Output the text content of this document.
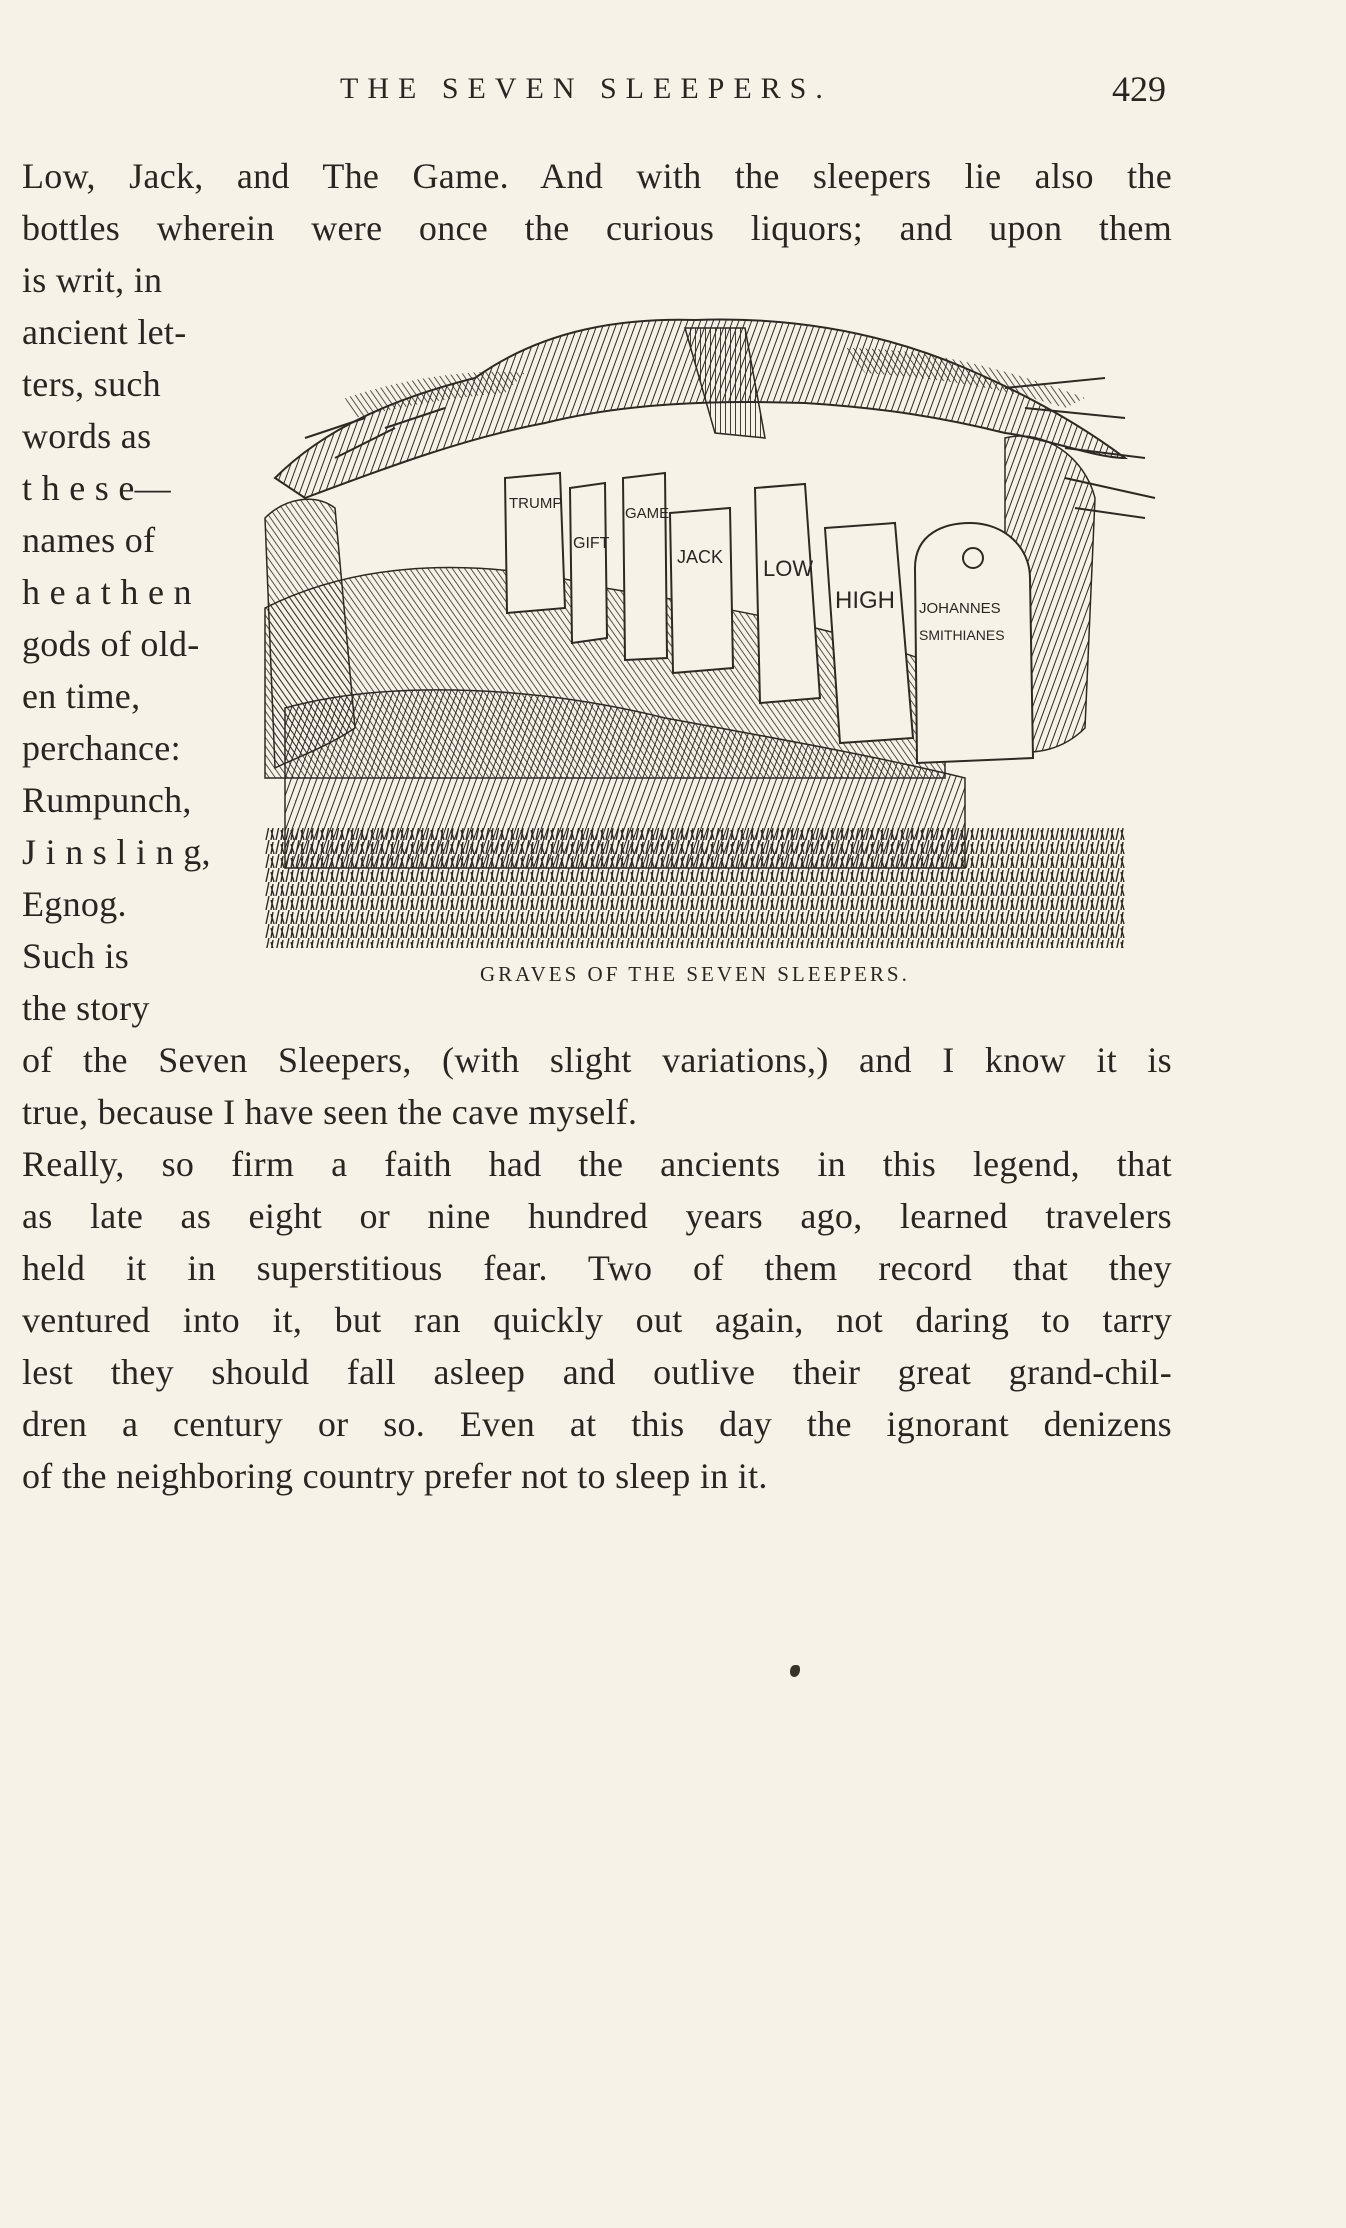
THE SEVEN SLEEPERS.	429
Low, Jack, and The Game. And with the sleepers lie also the
bottles wherein were once the curious liquors; and upon them
is writ, in
ancient let-
ters, such
words as
t h e s e—
names of
h e a t h e n
gods of old-
en time,
perchance:
Rumpunch,
J i n s l i n g,
Egnog.
Such is
the story
of the Seven Sleepers, (with slight variations,) and I know it is
true, because I have seen the cave myself.
Really, so firm a faith had the ancients in this legend, that
as late as eight or nine hundred years ago, learned travelers
held it in superstitious fear. Two of them record that they
ventured into it, but ran quickly out again, not daring to tarry
lest they should fall asleep and outlive their great grand-chil-
dren a century or so. Even at this day the ignorant denizens
of the neighboring country prefer not to sleep in it.
TRUMP
GIFT
GAME
JACK LOW
HIGH JOHANNES
SMITHIANES
GRAVES OF THE SEVEN SLEEPERS.
